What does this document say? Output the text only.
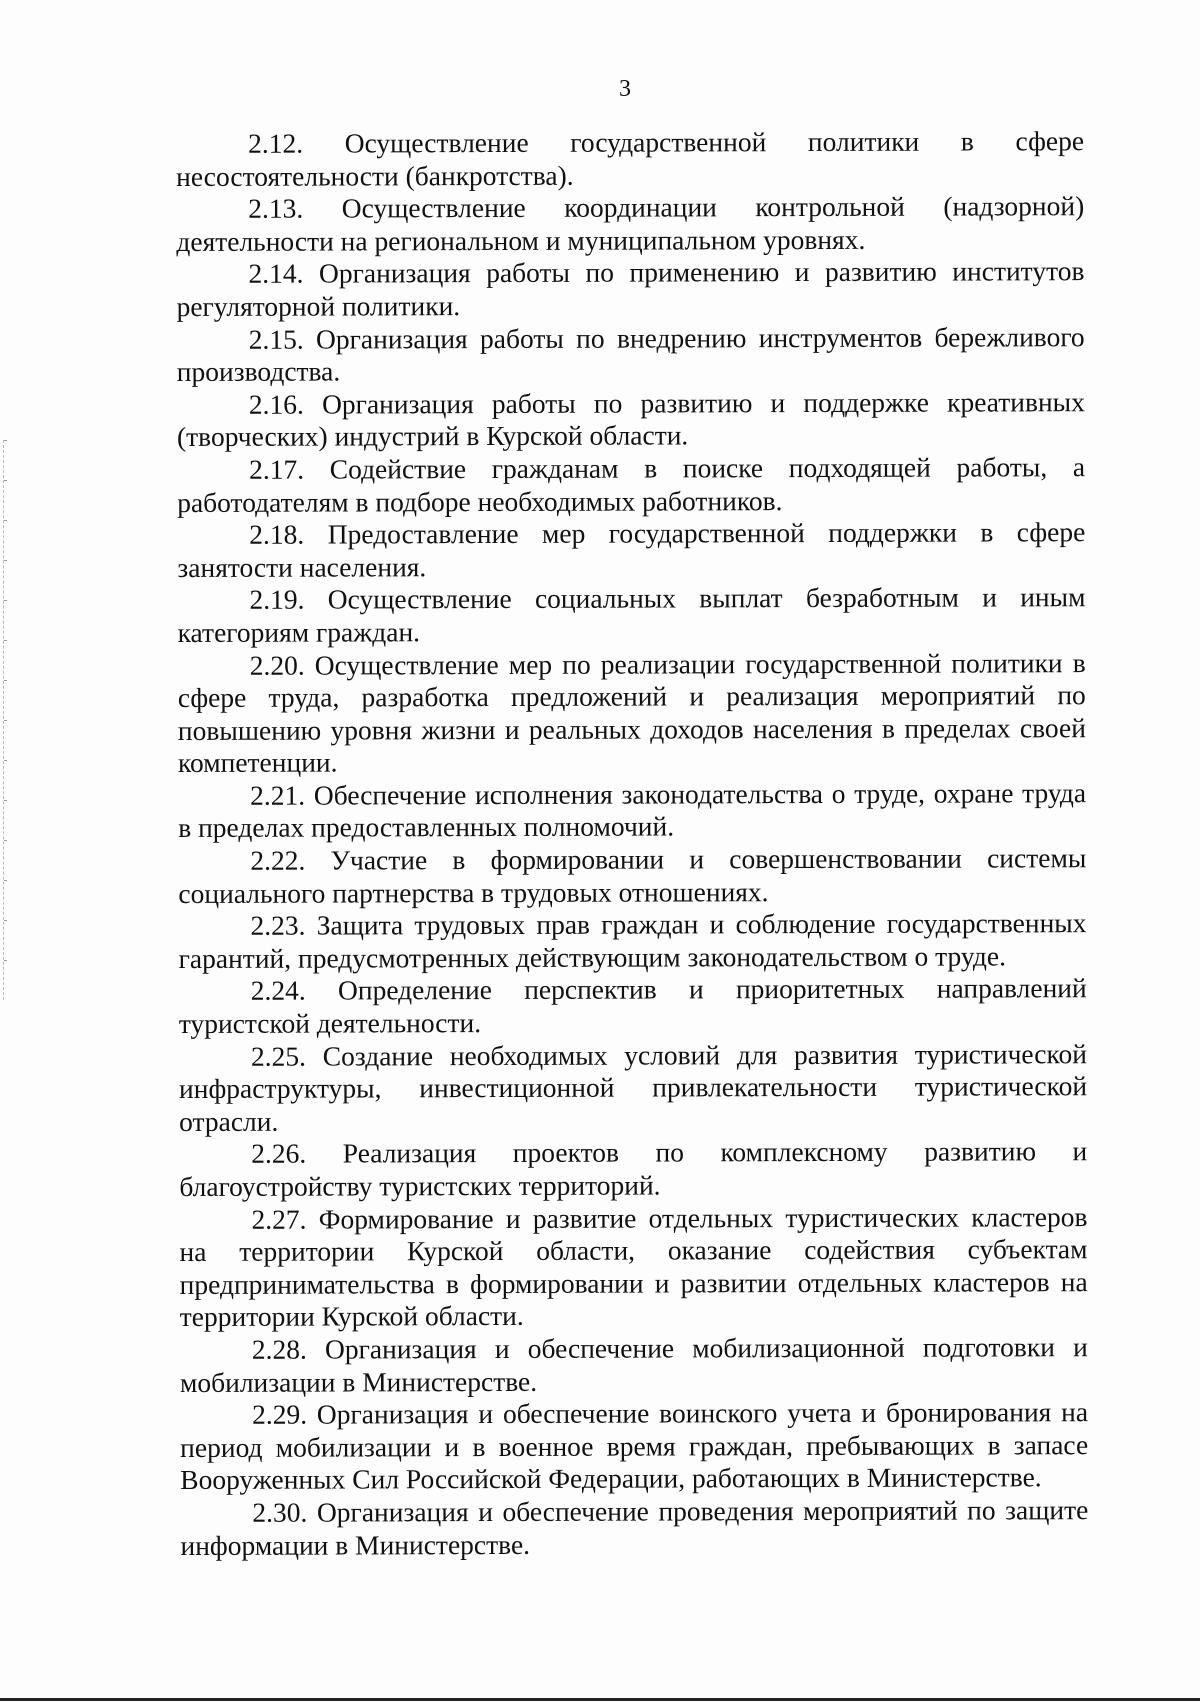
3

2.12. Осуществление государственной политики в сфере несостоятельности (банкротства).

2.13. Осуществление координации контрольной (надзорной) деятельности на региональном и муниципальном уровнях.

2.14. Организация работы по применению и развитию институтов регуляторной политики.

2.15. Организация работы по внедрению инструментов бережливого производства.

2.16. Организация работы по развитию и поддержке креативных (творческих) индустрий в Курской области.

2.17. Содействие гражданам в поиске подходящей работы, а работодателям в подборе необходимых работников.

2.18. Предоставление мер государственной поддержки в сфере занятости населения.

2.19. Осуществление социальных выплат безработным и иным категориям граждан.

2.20. Осуществление мер по реализации государственной политики в сфере труда, разработка предложений и реализация мероприятий по повышению уровня жизни и реальных доходов населения в пределах своей компетенции.

2.21. Обеспечение исполнения законодательства о труде, охране труда в пределах предоставленных полномочий.

2.22. Участие в формировании и совершенствовании системы социального партнерства в трудовых отношениях.

2.23. Защита трудовых прав граждан и соблюдение государственных гарантий, предусмотренных действующим законодательством о труде.

2.24. Определение перспектив и приоритетных направлений туристской деятельности.

2.25. Создание необходимых условий для развития туристической инфраструктуры, инвестиционной привлекательности туристической отрасли.

2.26. Реализация проектов по комплексному развитию и благоустройству туристских территорий.

2.27. Формирование и развитие отдельных туристических кластеров на территории Курской области, оказание содействия субъектам предпринимательства в формировании и развитии отдельных кластеров на территории Курской области.

2.28. Организация и обеспечение мобилизационной подготовки и мобилизации в Министерстве.

2.29. Организация и обеспечение воинского учета и бронирования на период мобилизации и в военное время граждан, пребывающих в запасе Вооруженных Сил Российской Федерации, работающих в Министерстве.

2.30. Организация и обеспечение проведения мероприятий по защите информации в Министерстве.
